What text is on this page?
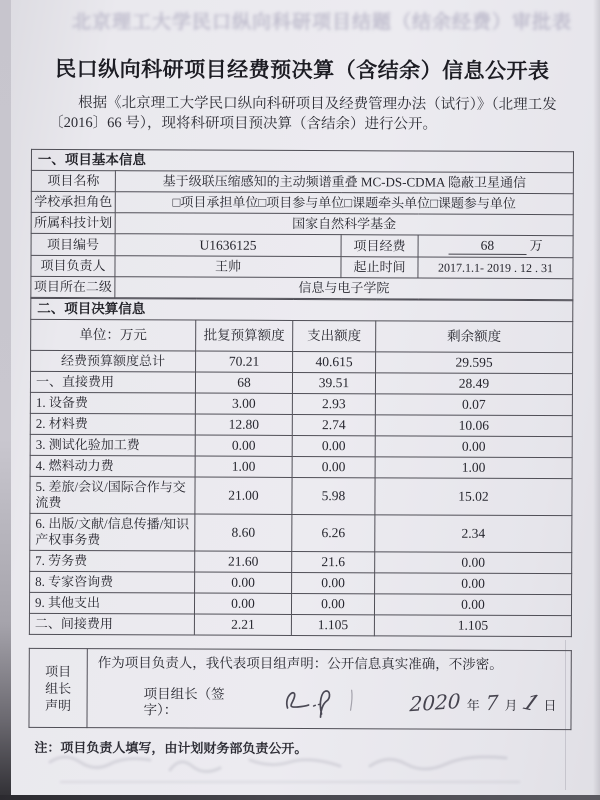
北京理工大学民口纵向科研项目结题（结余经费）审批表
民口纵向科研项目经费预决算（含结余）信息公开表

根据《北京理工大学民口纵向科研项目及经费管理办法（试行）》（北理工发
〔2016〕66 号），现将科研项目预决算（含结余）进行公开。

一、项目基本信息			
项目名称	基于级联压缩感知的主动频谱重叠 MC-DS-CDMA 隐蔽卫星通信		
学校承担角色	□项目承担单位□项目参与单位□课题牵头单位□课题参与单位		
所属科技计划	国家自然科学基金		
项目编号	U1636125	项目经费	68 万
项目负责人	王帅	起止时间	2017.1.1- 2019 . 12 . 31
项目所在二级	信息与电子学院		
二、项目决算信息			
单位：万元	批复预算额度	支出额度	剩余额度
经费预算额度总计	70.21	40.615	29.595
一、直接费用	68	39.51	28.49
1. 设备费	3.00	2.93	0.07
2. 材料费	12.80	2.74	10.06
3. 测试化验加工费	0.00	0.00	0.00
4. 燃料动力费	1.00	0.00	1.00
5. 差旅/会议/国际合作与交流费	21.00	5.98	15.02
6. 出版/文献/信息传播/知识产权事务费	8.60	6.26	2.34
7. 劳务费	21.60	21.6	0.00
8. 专家咨询费	0.00	0.00	0.00
9. 其他支出	0.00	0.00	0.00
二、间接费用	2.21	1.105	1.105
项目
组长
声明

作为项目负责人，我代表项目组声明：公开信息真实准确，不涉密。
项目组长（签字）：	2020 年 7 月 1 日
注：项目负责人填写，由计划财务部负责公开。
